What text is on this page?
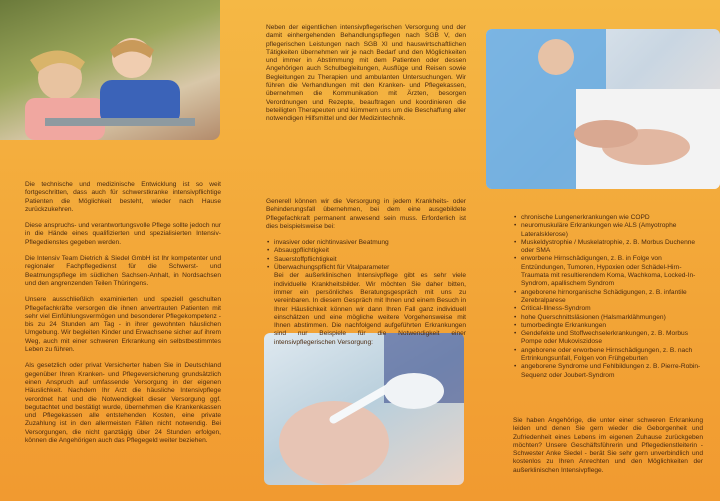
Die technische und medizinische Entwicklung ist so weit fortgeschritten, dass auch für schwerstkranke intensivpflichtige Patienten die Möglichkeit besteht, wieder nach Hause zurückzukehren.

Diese anspruchs- und verantwortungsvolle Pflege sollte jedoch nur in die Hände eines qualifizierten und spezialisierten Intensiv-Pflegedienstes gegeben werden.

Die Intensiv Team Dietrich & Siedel GmbH ist Ihr kompetenter und regionaler Fachpflegedienst für die Schwerst- und Beatmungspflege im südlichen Sachsen-Anhalt, in Nordsachsen und den angrenzenden Teilen Thüringens.

Unsere ausschließlich examinierten und speziell geschulten Pflegefachkräfte versorgen die ihnen anvertrauten Patienten mit sehr viel Einfühlungsvermögen und besonderer Pflegekompetenz - bis zu 24 Stunden am Tag - in ihrer gewohnten häuslichen Umgebung. Wir begleiten Kinder und Erwachsene sicher auf ihrem Weg, auch mit einer schweren Erkrankung ein selbstbestimmtes Leben zu führen.

Als gesetzlich oder privat Versicherter haben Sie in Deutschland gegenüber Ihren Kranken- und Pflegeversicherung grundsätzlich einen Anspruch auf umfassende Versorgung in der eigenen Häuslichkeit. Nachdem Ihr Arzt die häusliche Intensivpflege verordnet hat und die Notwendigkeit dieser Versorgung ggf. begutachtet und bestätigt wurde, übernehmen die Krankenkassen und Pflegekassen alle entstehenden Kosten, eine private Zuzahlung ist in den allermeisten Fällen nicht notwendig. Bei Versorgungen, die nicht ganztägig über 24 Stunden erfolgen, können die Angehörigen auch das Pflegegeld weiter beziehen.

Neben der eigentlichen intensivpflegerischen Versorgung und der damit einhergehenden Behandlungspflegen nach SGB V, den pflegerischen Leistungen nach SGB XI und hauswirtschaftlichen Tätigkeiten übernehmen wir je nach Bedarf und den Möglichkeiten und immer in Abstimmung mit dem Patienten oder dessen Angehörigen auch Schulbegleitungen, Ausflüge und Reisen sowie Begleitungen zu Therapien und ambulanten Untersuchungen. Wir führen die Verhandlungen mit den Kranken- und Pflegekassen, übernehmen die Kommunikation mit Ärzten, besorgen Verordnungen und Rezepte, beauftragen und koordinieren die beteiligten Therapeuten und kümmern uns um die Beschaffung aller notwendigen Hilfsmittel und der Medizintechnik.

Generell können wir die Versorgung in jedem Krankheits- oder Behinderungsfall übernehmen, bei dem eine ausgebildete Pflegefachkraft permanent anwesend sein muss. Erforderlich ist dies beispielsweise bei:

• invasiver oder nichtinvasiver Beatmung
• Absaugpflichtigkeit
• Sauerstoffpflichtigkeit
• Überwachungspflicht für Vitalparameter

Bei der außerklinischen Intensivpflege gibt es sehr viele individuelle Krankheitsbilder. Wir möchten Sie daher bitten, immer ein persönliches Beratungsgespräch mit uns zu vereinbaren. In diesem Gespräch mit Ihnen und einem Besuch in Ihrer Häuslichkeit können wir dann Ihren Fall ganz individuell einschätzen und eine mögliche weitere Vorgehensweise mit Ihnen abstimmen. Die nachfolgend aufgeführten Erkrankungen sind nur Beispiele für die Notwendigkeit einer intensivpflegerischen Versorgung:

• chronische Lungenerkrankungen wie COPD
• neuromuskuläre Erkrankungen wie ALS (Amyotrophe Lateralsklerose)
• Muskeldystrophie / Muskelatrophie, z. B. Morbus Duchenne oder SMA
• erworbene Hirnschädigungen, z. B. in Folge von Entzündungen, Tumoren, Hypoxien oder Schädel-Hirn-Traumata mit resultierendem Koma, Wachkoma, Locked-In-Syndrom, apallischem Syndrom
• angeborene hirnorganische Schädigungen, z. B. infantile Zerebralparese
• Critical-Illness-Syndrom
• hohe Querschnittsläsionen (Halsmarklähmungen)
• tumorbedingte Erkrankungen
• Gendefekte und Stoffwechselerkrankungen, z. B. Morbus Pompe oder Mukoviszidose
• angeborene oder erworbene Hirnschädigungen, z. B. nach Ertrinkungsunfall, Folgen von Frühgeburten
• angeborene Syndrome und Fehlbildungen z. B. Pierre-Robin-Sequenz oder Joubert-Syndrom

Sie haben Angehörige, die unter einer schweren Erkrankung leiden und denen Sie gern wieder die Geborgenheit und Zufriedenheit eines Lebens im eigenen Zuhause zurückgeben möchten? Unsere Geschäftsführerin und Pflegedienstleiterin - Schwester Anke Siedel - berät Sie sehr gern unverbindlich und kostenlos zu Ihren Anrechten und den Möglichkeiten der außerklinischen Intensivpflege.
